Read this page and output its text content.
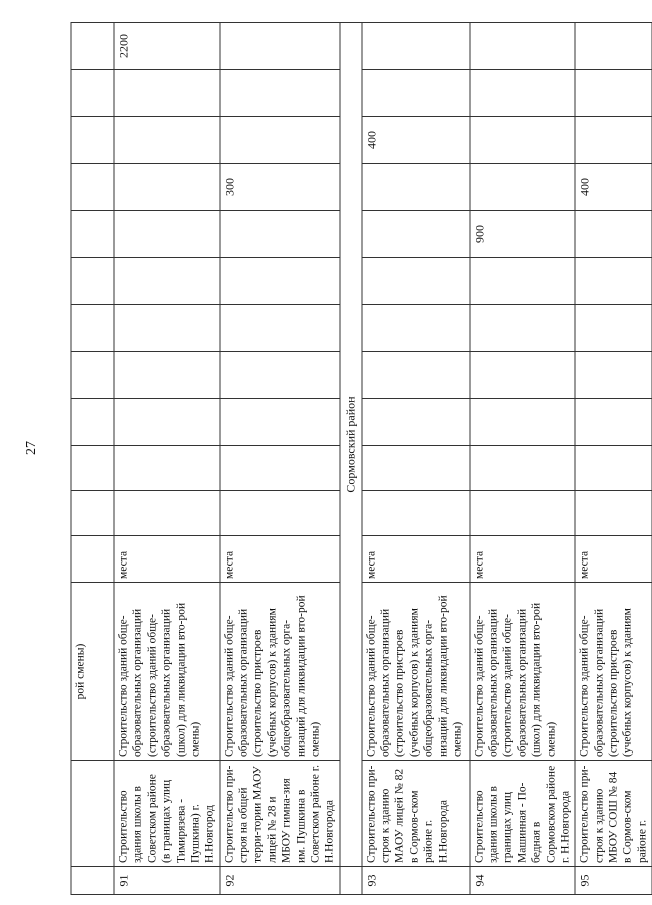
27
		рой смены)												
91	Строительство здания школы в Советском районе (в границах улиц Тимирязева - Пушкина) г. Н.Новгород	Строительство зданий обще-образовательных организаций (строительство зданий обще-образовательных организаций (школ) для ликвидации вто-рой смены)	места											2200
92	Строительство при-строя на общей терри-тории МАОУ лицей № 28 и МБОУ гимна-зия им. Пушкина в Советском районе г. Н.Новгорода	Строительство зданий обще-образовательных организаций (строительство пристроев (учебных корпусов) к зданиям общеобразовательных орга-низаций для ликвидации вто-рой смены)	места								300			
	Сормовский район													
93	Строительство при-строя к зданию МАОУ лицей № 82 в Сормов-ском районе г. Н.Новгорода	Строительство зданий обще-образовательных организаций (строительство пристроев (учебных корпусов) к зданиям общеобразовательных орга-низаций для ликвидации вто-рой смены)	места									400		
94	Строительство здания школы в границах улиц Машинная - По-бедная в Сормовском районе г. Н.Новгорода	Строительство зданий обще-образовательных организаций (строительство зданий обще-образовательных организаций (школ) для ликвидации вто-рой смены)	места							900				
95	Строительство при-строя к зданию МБОУ СОШ № 84 в Сормов-ском районе г.	Строительство зданий обще-образовательных организаций (строительство пристроев (учебных корпусов) к зданиям	места								400			
